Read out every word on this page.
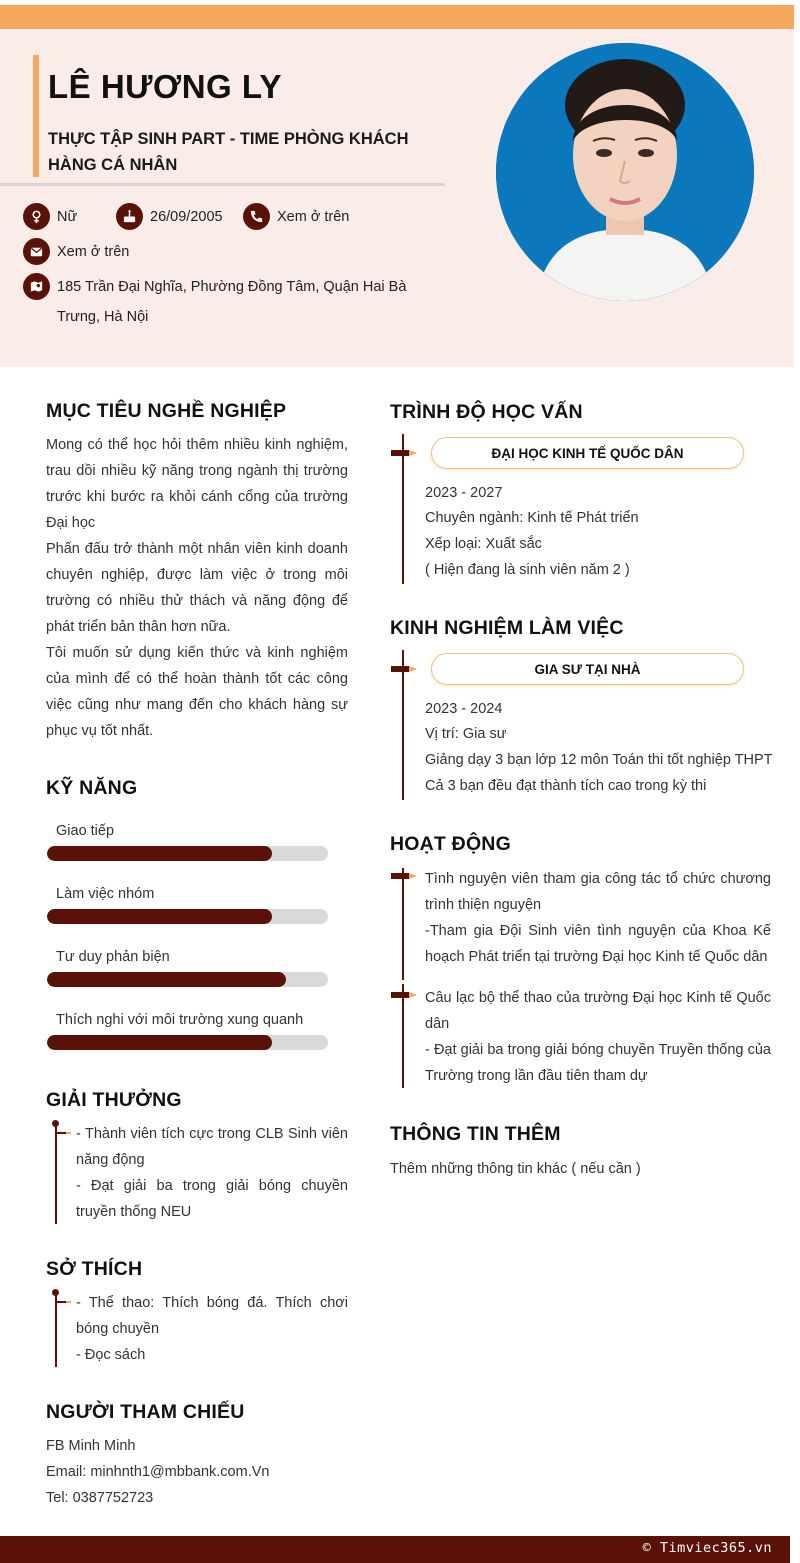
LÊ HƯƠNG LY
THỰC TẬP SINH PART - TIME PHÒNG KHÁCH HÀNG CÁ NHÂN
Nữ	26/09/2005	Xem ở trên
Xem ở trên
185 Trần Đại Nghĩa, Phường Đồng Tâm, Quận Hai Bà
Trưng, Hà Nội
MỤC TIÊU NGHỀ NGHIỆP
Mong có thể học hỏi thêm nhiều kinh nghiệm, trau dồi nhiều kỹ năng trong ngành thị trường trước khi bước ra khỏi cánh cổng của trường Đại học
Phấn đấu trở thành một nhân viên kinh doanh chuyên nghiệp, được làm việc ở trong môi trường có nhiều thử thách và năng động để phát triển bản thân hơn nữa.
Tôi muốn sử dụng kiến thức và kinh nghiệm của mình để có thể hoàn thành tốt các công việc cũng như mang đến cho khách hàng sự phục vụ tốt nhất.
KỸ NĂNG
Giao tiếp
Làm việc nhóm
Tư duy phản biện
Thích nghi với môi trường xung quanh
GIẢI THƯỞNG
- Thành viên tích cực trong CLB Sinh viên năng động
- Đạt giải ba trong giải bóng chuyền truyền thống NEU
SỞ THÍCH
- Thể thao: Thích bóng đá. Thích chơi bóng chuyền
- Đọc sách
NGƯỜI THAM CHIẾU
FB Minh Minh
Email: minhnth1@mbbank.com.Vn
Tel: 0387752723
TRÌNH ĐỘ HỌC VẤN
ĐẠI HỌC KINH TẾ QUỐC DÂN
2023 - 2027
Chuyên ngành: Kinh tế Phát triển
Xếp loại: Xuất sắc
( Hiện đang là sinh viên năm 2 )
KINH NGHIỆM LÀM VIỆC
GIA SƯ TẠI NHÀ
2023 - 2024
Vị trí: Gia sư
Giảng dạy 3 bạn lớp 12 môn Toán thi tốt nghiệp THPT
Cả 3 bạn đều đạt thành tích cao trong kỳ thi
HOẠT ĐỘNG
Tình nguyện viên tham gia công tác tổ chức chương trình thiện nguyện
-Tham gia Đội Sinh viên tình nguyện của Khoa Kế hoạch Phát triển tại trường Đại học Kinh tế Quốc dân
Câu lạc bộ thể thao của trường Đại học Kinh tế Quốc dân
- Đạt giải ba trong giải bóng chuyền Truyền thống của Trường trong lần đầu tiên tham dự
THÔNG TIN THÊM
Thêm những thông tin khác ( nếu cần )
© Timviec365.vn
